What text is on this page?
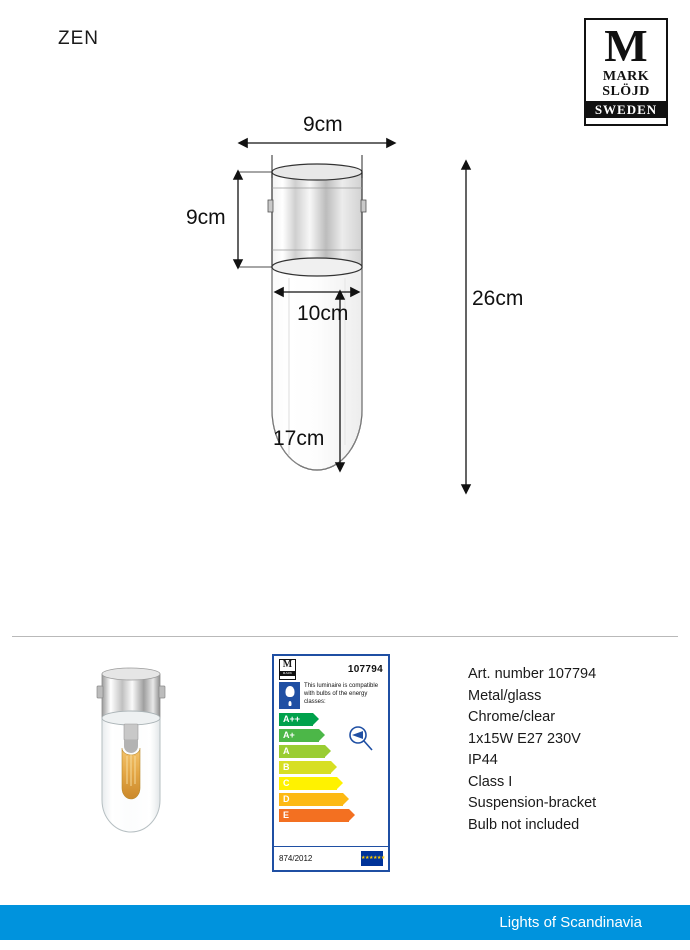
ZEN	M
MARK
SLÖJD
SWEDEN
9cm
9cm
10cm
17cm
26cm
M
MARK	107794
This luminaire is compatible with bulbs of the energy classes:
A++
A+
A
B
C
D
E
874/2012	★★★★★★
Art. number 107794
Metal/glass
Chrome/clear
1x15W E27 230V
IP44
Class I
Suspension-bracket
Bulb not included
Lights of Scandinavia
